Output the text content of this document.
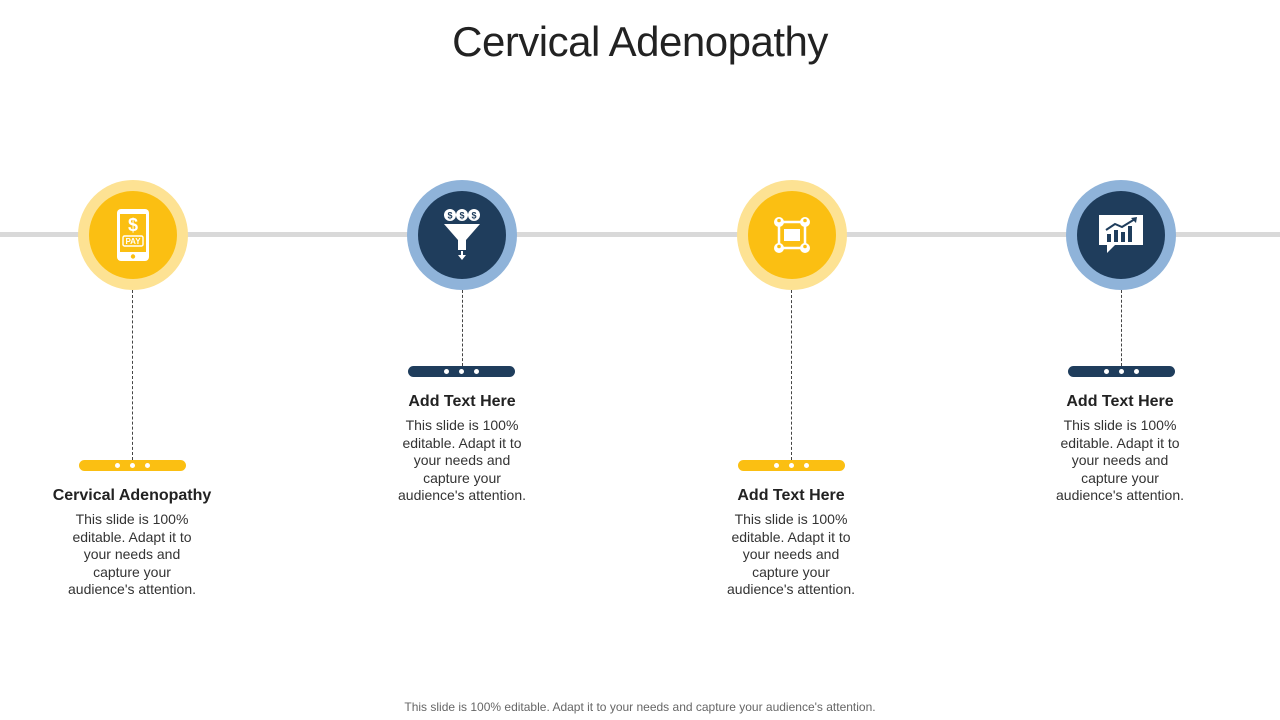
Cervical Adenopathy
$
PAY

Cervical Adenopathy

This slide is 100% editable. Adapt it to your needs and capture your audience's attention.

$ $ $

Add Text Here

This slide is 100% editable. Adapt it to your needs and capture your audience's attention.	Add Text Here

This slide is 100% editable. Adapt it to your needs and capture your audience's attention.

Add Text Here

This slide is 100% editable. Adapt it to your needs and capture your audience's attention.

This slide is 100% editable. Adapt it to your needs and capture your audience's attention.
